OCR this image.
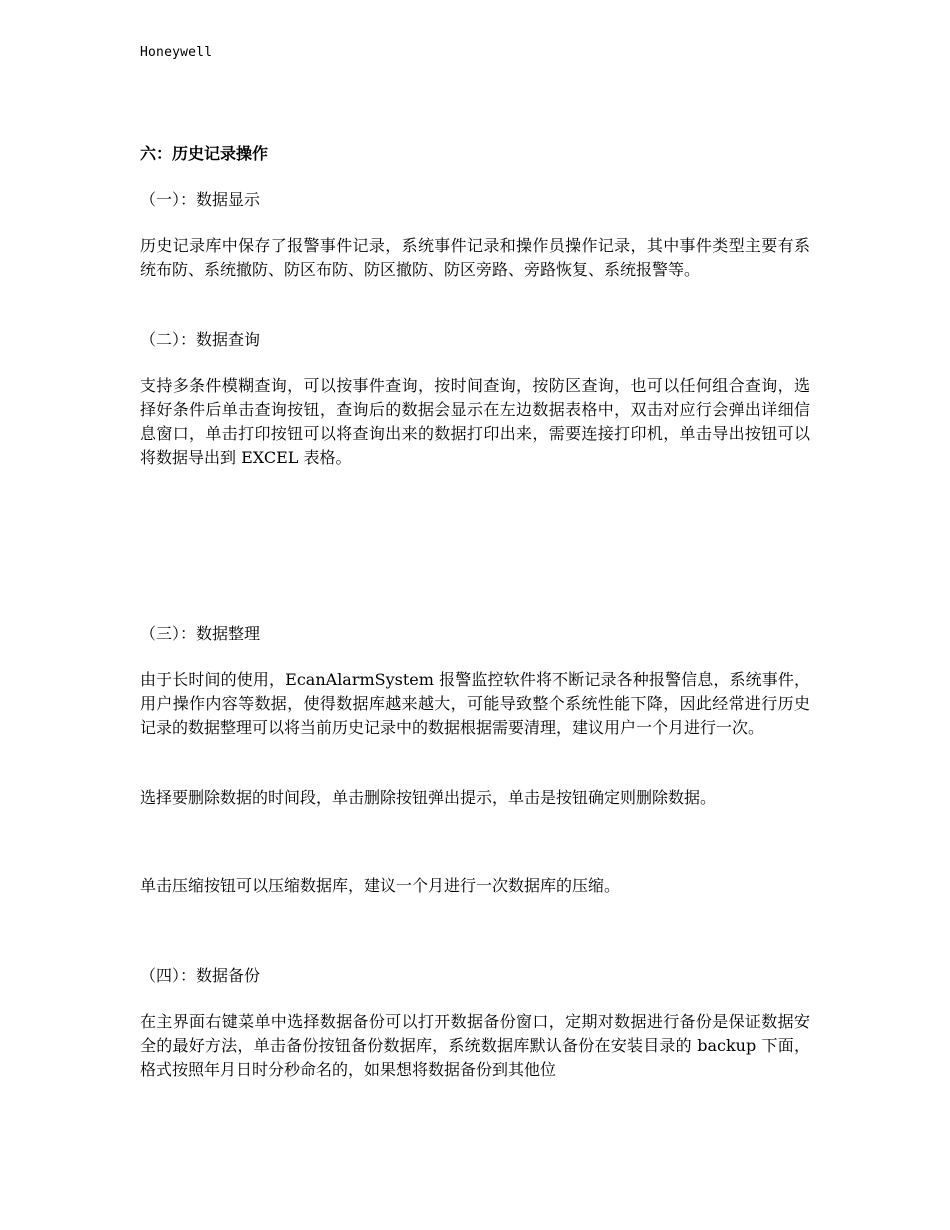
Honeywell
六：历史记录操作
（一）：数据显示
历史记录库中保存了报警事件记录，系统事件记录和操作员操作记录，其中事件类型主要有系统布防、系统撤防、防区布防、防区撤防、防区旁路、旁路恢复、系统报警等。
（二）：数据查询
支持多条件模糊查询，可以按事件查询，按时间查询，按防区查询，也可以任何组合查询，选择好条件后单击查询按钮，查询后的数据会显示在左边数据表格中，双击对应行会弹出详细信息窗口，单击打印按钮可以将查询出来的数据打印出来，需要连接打印机，单击导出按钮可以将数据导出到 EXCEL 表格。
（三）：数据整理
由于长时间的使用，EcanAlarmSystem 报警监控软件将不断记录各种报警信息，系统事件，用户操作内容等数据，使得数据库越来越大，可能导致整个系统性能下降，因此经常进行历史记录的数据整理可以将当前历史记录中的数据根据需要清理，建议用户一个月进行一次。
选择要删除数据的时间段，单击删除按钮弹出提示，单击是按钮确定则删除数据。
单击压缩按钮可以压缩数据库，建议一个月进行一次数据库的压缩。
（四）：数据备份
在主界面右键菜单中选择数据备份可以打开数据备份窗口，定期对数据进行备份是保证数据安全的最好方法，单击备份按钮备份数据库，系统数据库默认备份在安装目录的 backup 下面，格式按照年月日时分秒命名的，如果想将数据备份到其他位
